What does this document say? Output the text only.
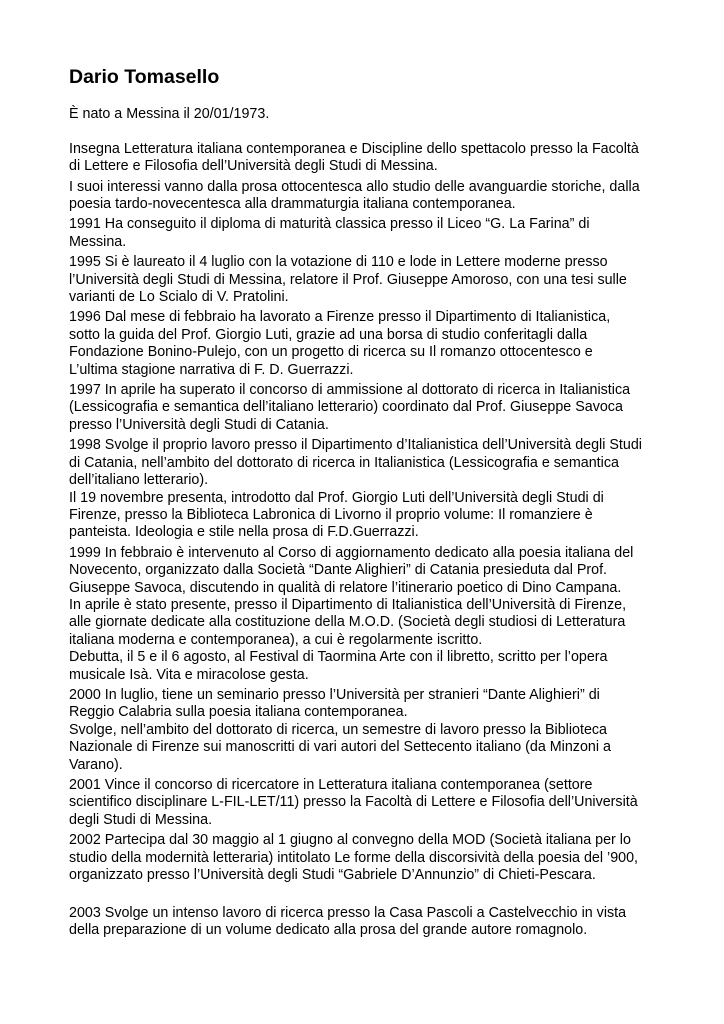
Dario Tomasello

È nato a Messina il 20/01/1973.

Insegna Letteratura italiana contemporanea e Discipline dello spettacolo presso la Facoltà
di Lettere e Filosofia dell’Università degli Studi di Messina.

I suoi interessi vanno dalla prosa ottocentesca allo studio delle avanguardie storiche, dalla
poesia tardo-novecentesca alla drammaturgia italiana contemporanea.

1991 Ha conseguito il diploma di maturità classica presso il Liceo “G. La Farina” di
Messina.

1995 Si è laureato il 4 luglio con la votazione di 110 e lode in Lettere moderne presso
l’Università degli Studi di Messina, relatore il Prof. Giuseppe Amoroso, con una tesi sulle
varianti de Lo Scialo di V. Pratolini.

1996 Dal mese di febbraio ha lavorato a Firenze presso il Dipartimento di Italianistica,
sotto la guida del Prof. Giorgio Luti, grazie ad una borsa di studio conferitagli dalla
Fondazione Bonino-Pulejo, con un progetto di ricerca su Il romanzo ottocentesco e
L’ultima stagione narrativa di F. D. Guerrazzi.

1997 In aprile ha superato il concorso di ammissione al dottorato di ricerca in Italianistica
(Lessicografia e semantica dell’italiano letterario) coordinato dal Prof. Giuseppe Savoca
presso l’Università degli Studi di Catania.

1998 Svolge il proprio lavoro presso il Dipartimento d’Italianistica dell’Università degli Studi
di Catania, nell’ambito del dottorato di ricerca in Italianistica (Lessicografia e semantica
dell’italiano letterario).
Il 19 novembre presenta, introdotto dal Prof. Giorgio Luti dell’Università degli Studi di
Firenze, presso la Biblioteca Labronica di Livorno il proprio volume: Il romanziere è
panteista. Ideologia e stile nella prosa di F.D.Guerrazzi.

1999 In febbraio è intervenuto al Corso di aggiornamento dedicato alla poesia italiana del
Novecento, organizzato dalla Società “Dante Alighieri” di Catania presieduta dal Prof.
Giuseppe Savoca, discutendo in qualità di relatore l’itinerario poetico di Dino Campana.
In aprile è stato presente, presso il Dipartimento di Italianistica dell’Università di Firenze,
alle giornate dedicate alla costituzione della M.O.D. (Società degli studiosi di Letteratura
italiana moderna e contemporanea), a cui è regolarmente iscritto.
Debutta, il 5 e il 6 agosto, al Festival di Taormina Arte con il libretto, scritto per l’opera
musicale Isà. Vita e miracolose gesta.

2000 In luglio, tiene un seminario presso l’Università per stranieri “Dante Alighieri” di
Reggio Calabria sulla poesia italiana contemporanea.
Svolge, nell’ambito del dottorato di ricerca, un semestre di lavoro presso la Biblioteca
Nazionale di Firenze sui manoscritti di vari autori del Settecento italiano (da Minzoni a
Varano).

2001 Vince il concorso di ricercatore in Letteratura italiana contemporanea (settore
scientifico disciplinare L-FIL-LET/11) presso la Facoltà di Lettere e Filosofia dell’Università
degli Studi di Messina.

2002 Partecipa dal 30 maggio al 1 giugno al convegno della MOD (Società italiana per lo
studio della modernità letteraria) intitolato Le forme della discorsività della poesia del ’900,
organizzato presso l’Università degli Studi “Gabriele D’Annunzio” di Chieti-Pescara.

2003 Svolge un intenso lavoro di ricerca presso la Casa Pascoli a Castelvecchio in vista
della preparazione di un volume dedicato alla prosa del grande autore romagnolo.
